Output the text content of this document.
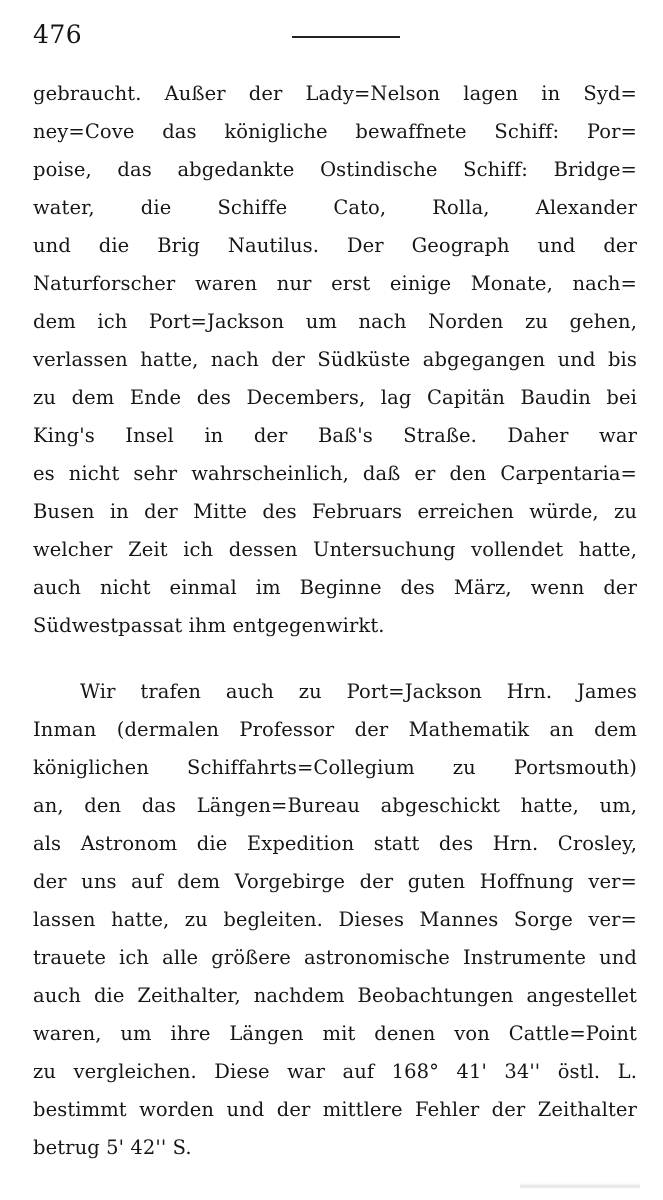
476
gebraucht. Außer der Lady=Nelson lagen in Syd=
ney=Cove das königliche bewaffnete Schiff: Por=
poise, das abgedankte Ostindische Schiff: Bridge=
water, die Schiffe Cato, Rolla, Alexander
und die Brig Nautilus. Der Geograph und der
Naturforscher waren nur erst einige Monate, nach=
dem ich Port=Jackson um nach Norden zu gehen,
verlassen hatte, nach der Südküste abgegangen und bis
zu dem Ende des Decembers, lag Capitän Baudin bei
King's Insel in der Baß's Straße. Daher war
es nicht sehr wahrscheinlich, daß er den Carpentaria=
Busen in der Mitte des Februars erreichen würde, zu
welcher Zeit ich dessen Untersuchung vollendet hatte,
auch nicht einmal im Beginne des März, wenn der
Südwestpassat ihm entgegenwirkt.
Wir trafen auch zu Port=Jackson Hrn. James
Inman (dermalen Professor der Mathematik an dem
königlichen Schiffahrts=Collegium zu Portsmouth)
an, den das Längen=Bureau abgeschickt hatte, um,
als Astronom die Expedition statt des Hrn. Crosley,
der uns auf dem Vorgebirge der guten Hoffnung ver=
lassen hatte, zu begleiten. Dieses Mannes Sorge ver=
trauete ich alle größere astronomische Instrumente und
auch die Zeithalter, nachdem Beobachtungen angestellet
waren, um ihre Längen mit denen von Cattle=Point
zu vergleichen. Diese war auf 168° 41' 34'' östl. L.
bestimmt worden und der mittlere Fehler der Zeithalter
betrug 5' 42'' S.
